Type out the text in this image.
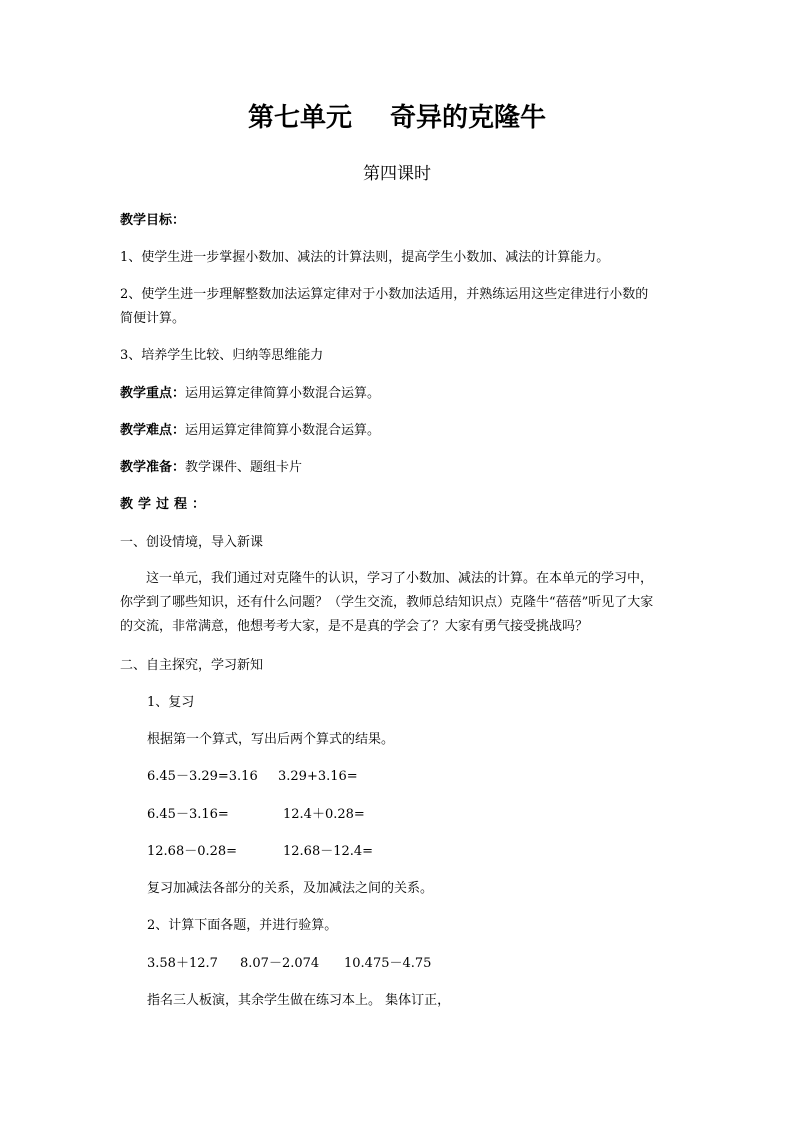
第七单元 奇异的克隆牛
第四课时
教学目标：
1、使学生进一步掌握小数加、减法的计算法则，提高学生小数加、减法的计算能力。
2、使学生进一步理解整数加法运算定律对于小数加法适用，并熟练运用这些定律进行小数的简便计算。
3、培养学生比较、归纳等思维能力
教学重点：运用运算定律简算小数混合运算。
教学难点：运用运算定律简算小数混合运算。
教学准备：教学课件、题组卡片
教学过程：
一、创设情境，导入新课
这一单元，我们通过对克隆牛的认识，学习了小数加、减法的计算。在本单元的学习中，你学到了哪些知识，还有什么问题？（学生交流，教师总结知识点）克隆牛“蓓蓓”听见了大家的交流，非常满意，他想考考大家，是不是真的学会了？大家有勇气接受挑战吗？
二、自主探究，学习新知
1、复习
根据第一个算式，写出后两个算式的结果。
6.45－3.29=3.16 3.29+3.16=
6.45－3.16=	12.4＋0.28=
12.68－0.28=	12.68－12.4=
复习加减法各部分的关系，及加减法之间的关系。
2、计算下面各题，并进行验算。
3.58＋12.7 8.07－2.074 10.475－4.75
指名三人板演，其余学生做在练习本上。 集体订正，
